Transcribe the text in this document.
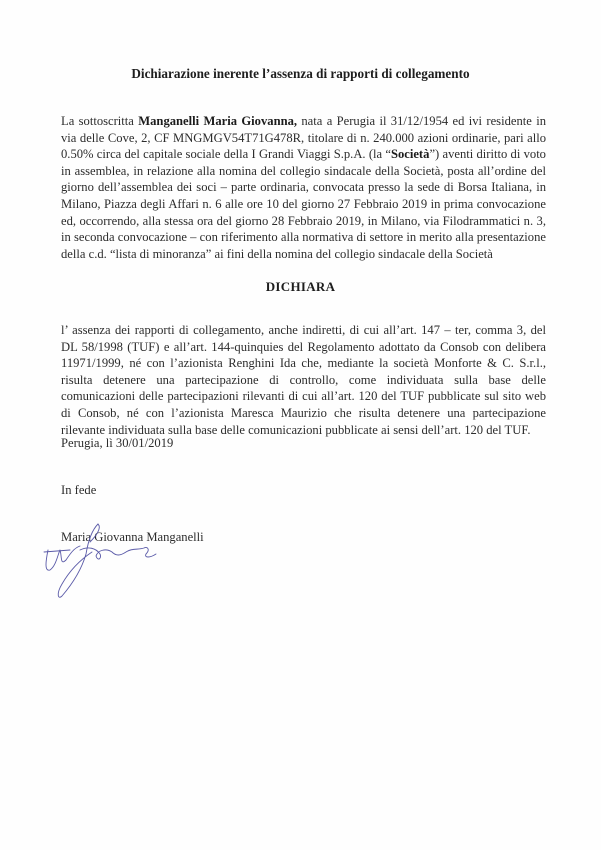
Dichiarazione inerente l’assenza di rapporti di collegamento
La sottoscritta Manganelli Maria Giovanna, nata a Perugia il 31/12/1954 ed ivi residente in via delle Cove, 2, CF MNGMGV54T71G478R, titolare di n. 240.000 azioni ordinarie, pari allo 0.50% circa del capitale sociale della I Grandi Viaggi S.p.A. (la “Società”) aventi diritto di voto in assemblea, in relazione alla nomina del collegio sindacale della Società, posta all’ordine del giorno dell’assemblea dei soci – parte ordinaria, convocata presso la sede di Borsa Italiana, in Milano, Piazza degli Affari n. 6 alle ore 10 del giorno 27 Febbraio 2019 in prima convocazione ed, occorrendo, alla stessa ora del giorno 28 Febbraio 2019, in Milano, via Filodrammatici n. 3, in seconda convocazione – con riferimento alla normativa di settore in merito alla presentazione della c.d. “lista di minoranza” ai fini della nomina del collegio sindacale della Società
DICHIARA
l’ assenza dei rapporti di collegamento, anche indiretti, di cui all’art. 147 – ter, comma 3, del DL 58/1998 (TUF) e all’art. 144-quinquies del Regolamento adottato da Consob con delibera 11971/1999, né con l’azionista Renghini Ida che, mediante la società Monforte & C. S.r.l., risulta detenere una partecipazione di controllo, come individuata sulla base delle comunicazioni delle partecipazioni rilevanti di cui all’art. 120 del TUF pubblicate sul sito web di Consob, né con l’azionista Maresca Maurizio che risulta detenere una partecipazione rilevante individuata sulla base delle comunicazioni pubblicate ai sensi dell’art. 120 del TUF.
Perugia, lì 30/01/2019
In fede
Maria Giovanna Manganelli
